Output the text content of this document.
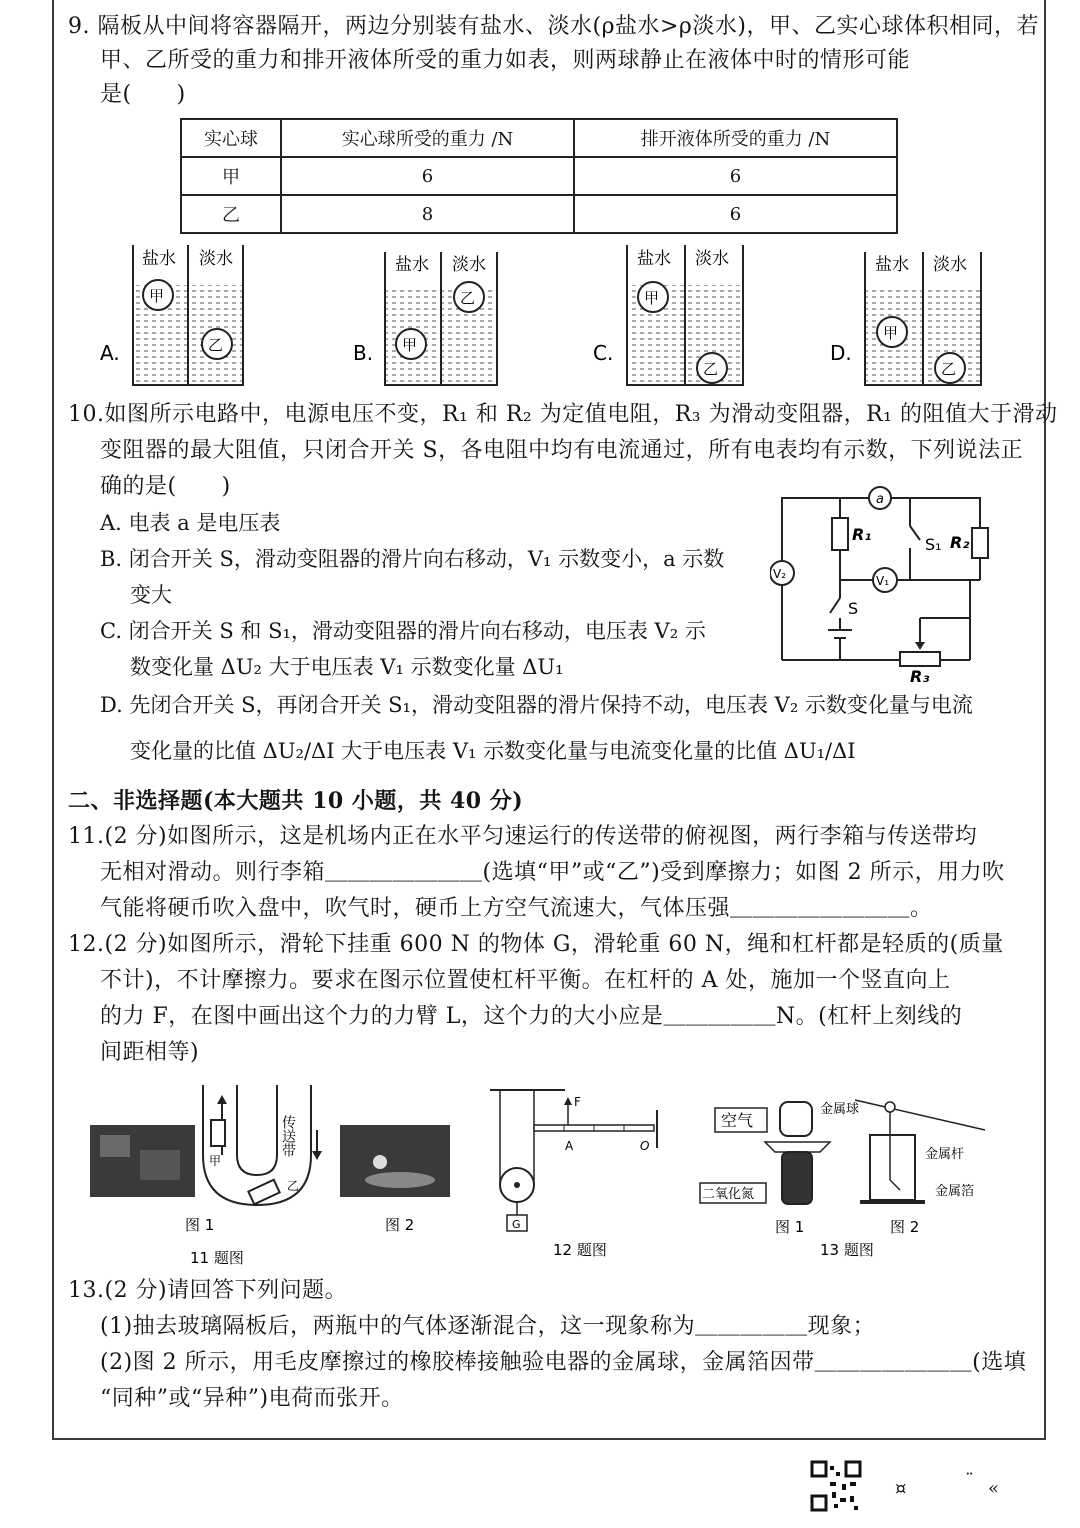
9. 隔板从中间将容器隔开，两边分别装有盐水、淡水(ρ盐水>ρ淡水)，甲、乙实心球体积相同，若
甲、乙所受的重力和排开液体所受的重力如表，则两球静止在液体中时的情形可能
是(　　)
实心球	实心球所受的重力 /N	排开液体所受的重力 /N
甲	6	6
乙	8	6
A.
盐水 淡水
甲
乙	B.
盐水 淡水
甲
乙
C.
盐水 淡水
甲
乙
D.
盐水 淡水
甲
乙
10.如图所示电路中，电源电压不变，R₁ 和 R₂ 为定值电阻，R₃ 为滑动变阻器，R₁ 的阻值大于滑动
变阻器的最大阻值，只闭合开关 S，各电阻中均有电流通过，所有电表均有示数，下列说法正
确的是(　　)
A. 电表 a 是电压表
B. 闭合开关 S，滑动变阻器的滑片向右移动，V₁ 示数变小，a 示数
变大
C. 闭合开关 S 和 S₁，滑动变阻器的滑片向右移动，电压表 V₂ 示
数变化量 ΔU₂ 大于电压表 V₁ 示数变化量 ΔU₁
D. 先闭合开关 S，再闭合开关 S₁，滑动变阻器的滑片保持不动，电压表 V₂ 示数变化量与电流
变化量的比值 ΔU₂/ΔI 大于电压表 V₁ 示数变化量与电流变化量的比值 ΔU₁/ΔI
a
V₂	V₁
R₁	R₂
R₃
S
S₁
二、非选择题(本大题共 10 小题，共 40 分)
11.(2 分)如图所示，这是机场内正在水平匀速运行的传送带的俯视图，两行李箱与传送带均
无相对滑动。则行李箱＿＿＿＿＿＿＿(选填“甲”或“乙”)受到摩擦力；如图 2 所示，用力吹
气能将硬币吹入盘中，吹气时，硬币上方空气流速大，气体压强＿＿＿＿＿＿＿＿。
12.(2 分)如图所示，滑轮下挂重 600 N 的物体 G，滑轮重 60 N，绳和杠杆都是轻质的(质量
不计)，不计摩擦力。要求在图示位置使杠杆平衡。在杠杆的 A 处，施加一个竖直向上
的力 F，在图中画出这个力的力臂 L，这个力的大小应是＿＿＿＿＿N。(杠杆上刻线的
间距相等)
甲
乙
传送带
图 1	图 2
11 题图
G
F
A	O
12 题图
空气
二氧化氮
图 1
金属球
金属杆
金属箔
图 2
13 题图
13.(2 分)请回答下列问题。
(1)抽去玻璃隔板后，两瓶中的气体逐渐混合，这一现象称为＿＿＿＿＿现象；
(2)图 2 所示，用毛皮摩擦过的橡胶棒接触验电器的金属球，金属箔因带＿＿＿＿＿＿＿(选填
“同种”或“异种”)电荷而张开。
¤	¨ «
